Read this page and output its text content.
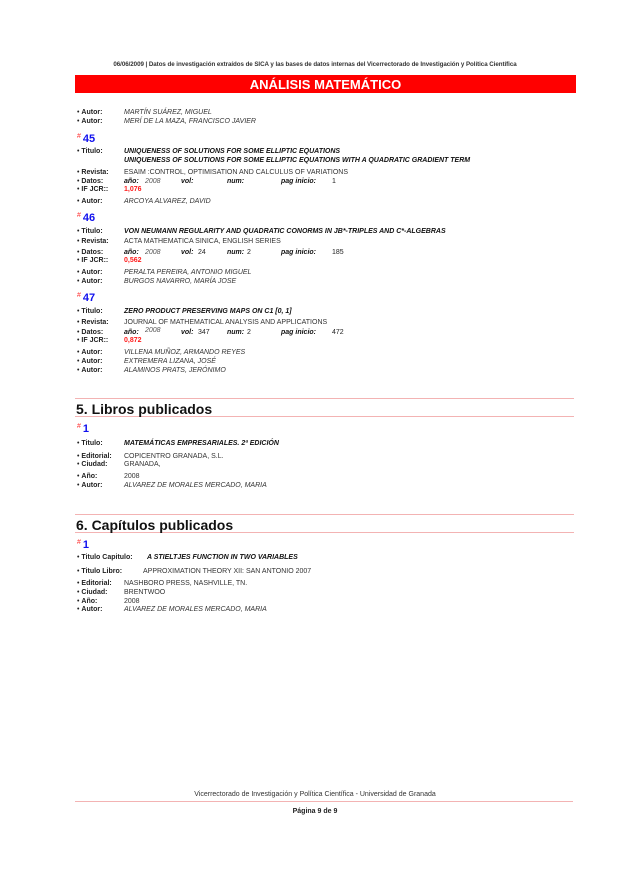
06/06/2009 | Datos de investigación extraídos de SICA y las bases de datos internas del Vicerrectorado de Investigación y Política Científica
ANÁLISIS MATEMÁTICO
• Autor:	MARTÍN SUÁREZ, MIGUEL
• Autor:	MERÍ DE LA MAZA, FRANCISCO JAVIER
# 45
• Titulo:	UNIQUENESS OF SOLUTIONS FOR SOME ELLIPTIC EQUATIONS
UNIQUENESS OF SOLUTIONS FOR SOME ELLIPTIC EQUATIONS WITH A QUADRATIC GRADIENT TERM
• Revista: ESAIM :CONTROL, OPTIMISATION AND CALCULUS OF VARIATIONS
• Datos:	año: 2008	vol:	num:	pag inicio: 1
• IF JCR:: 1,076
• Autor:	ARCOYA ALVAREZ, DAVID
# 46
• Titulo:	VON NEUMANN REGULARITY AND QUADRATIC CONORMS IN JB*-TRIPLES AND C*-ALGEBRAS
• Revista: ACTA MATHEMATICA SINICA, ENGLISH SERIES
• Datos:	año: 2008	vol: 24	num: 2	pag inicio: 185
• IF JCR:: 0,562
• Autor:	PERALTA PEREIRA, ANTONIO MIGUEL
• Autor:	BURGOS NAVARRO, MARÍA JOSE
# 47
• Titulo:	ZERO PRODUCT PRESERVING MAPS ON C1 [0, 1]
• Revista: JOURNAL OF MATHEMATICAL ANALYSIS AND APPLICATIONS
• Datos:	año: 2008	vol: 347 num: 2	pag inicio: 472
• IF JCR:: 0,872
• Autor:	VILLENA MUÑOZ, ARMANDO REYES
• Autor:	EXTREMERA LIZANA, JOSÉ
• Autor:	ALAMINOS PRATS, JERÓNIMO
5. Libros publicados
# 1
• Titulo:	MATEMÁTICAS EMPRESARIALES. 2ª EDICIÓN
• Editorial: COPICENTRO GRANADA, S.L.
• Ciudad: GRANADA,
• Año:	2008
• Autor:	ALVAREZ DE MORALES MERCADO, MARIA
6. Capítulos publicados
# 1
• Titulo Capitulo: A STIELTJES FUNCTION IN TWO VARIABLES
• Titulo Libro:	APPROXIMATION THEORY XII: SAN ANTONIO 2007
• Editorial: NASHBORO PRESS, NASHVILLE, TN.
• Ciudad: BRENTWOO
• Año:	2008
• Autor:	ALVAREZ DE MORALES MERCADO, MARIA
Vicerrectorado de Investigación y Política Científica - Universidad de Granada
Página 9 de 9
